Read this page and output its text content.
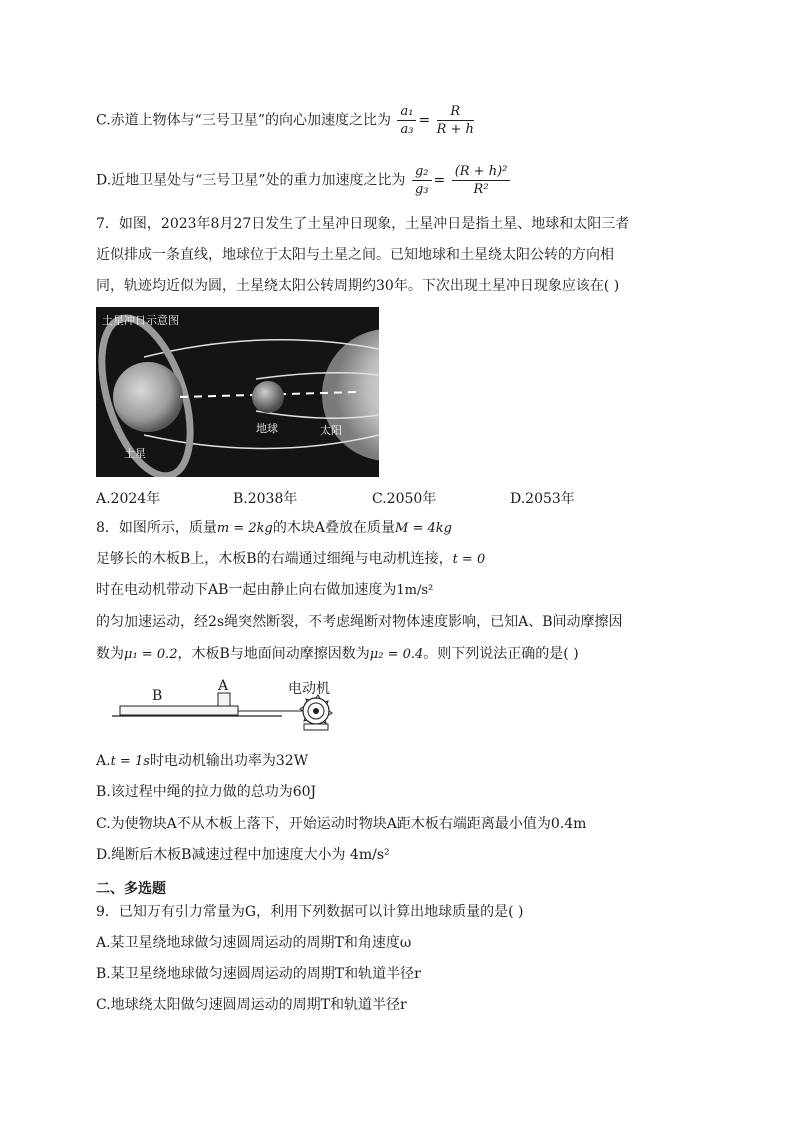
C.赤道上物体与“三号卫星”的向心加速度之比为 $\frac{\text{a₁}}{\text{a₃}} = \frac{R}{R + h}$
D.近地卫星处与“三号卫星”处的重力加速度之比为 $\frac{\text{g₂}}{\text{g₃}} = \frac{\text{(R + h)²}}{\text{R²}}$
7．如图，2023年8月27日发生了土星冲日现象，土星冲日是指土星、地球和太阳三者
近似排成一条直线，地球位于太阳与土星之间。已知地球和土星绕太阳公转的方向相
同，轨迹均近似为圆，土星绕太阳公转周期约30年。下次出现土星冲日现象应该在( )
土星冲日示意图
地球	太阳
土星
A.2024年	B.2038年	C.2050年	D.2053年
8．如图所示，质量m = 2kg的木块A叠放在质量M = 4kg
足够长的木板B上，木板B的右端通过细绳与电动机连接，t = 0
时在电动机带动下AB一起由静止向右做加速度为1m/s²
的匀加速运动，经2s绳突然断裂，不考虑绳断对物体速度影响，已知A、B间动摩擦因
数为μ₁ = 0.2，木板B与地面间动摩擦因数为μ₂ = 0.4。则下列说法正确的是( )
B
A	电动机
A.t = 1s时电动机输出功率为32W
B.该过程中绳的拉力做的总功为60J
C.为使物块A不从木板上落下，开始运动时物块A距木板右端距离最小值为0.4m
D.绳断后木板B减速过程中加速度大小为 4m/s²
二、多选题
9．已知万有引力常量为G，利用下列数据可以计算出地球质量的是( )
A.某卫星绕地球做匀速圆周运动的周期T和角速度ω
B.某卫星绕地球做匀速圆周运动的周期T和轨道半径r
C.地球绕太阳做匀速圆周运动的周期T和轨道半径r
